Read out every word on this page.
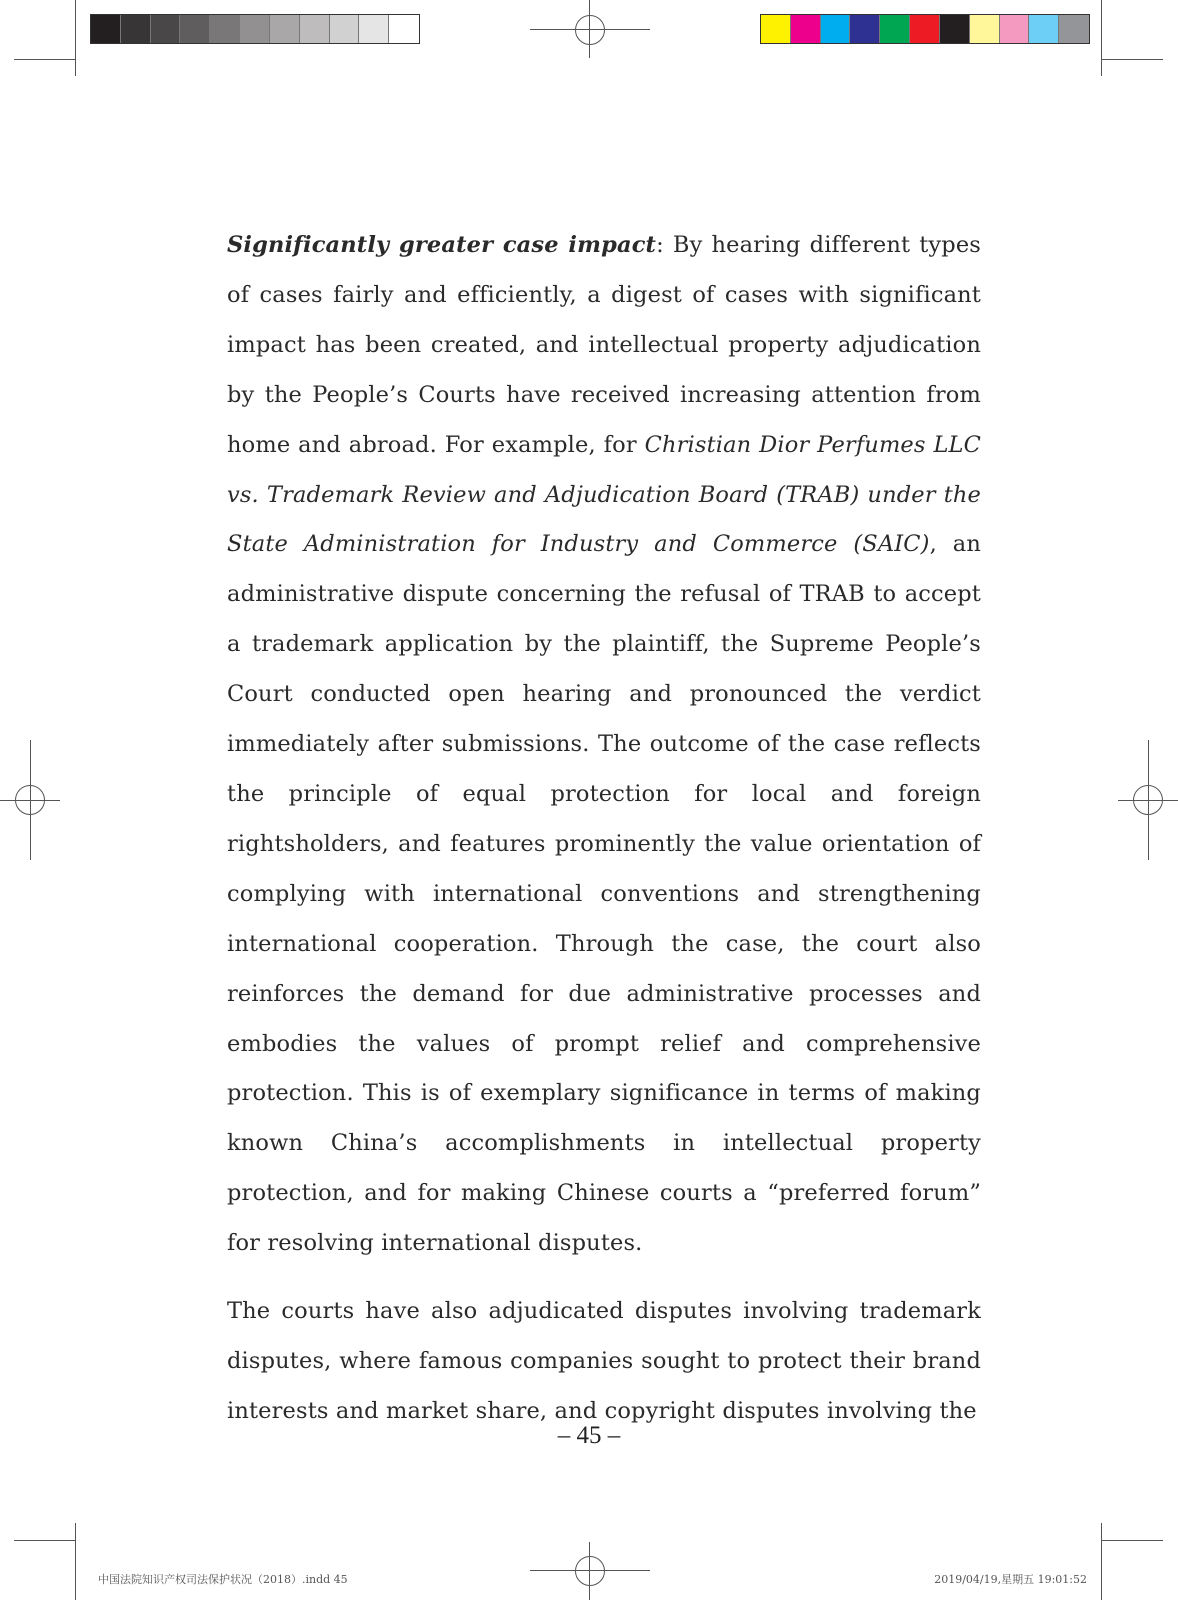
Significantly greater case impact: By hearing different types of cases fairly and efficiently, a digest of cases with significant impact has been created, and intellectual property adjudication by the People’s Courts have received increasing attention from home and abroad. For example, for Christian Dior Perfumes LLC vs. Trademark Review and Adjudication Board (TRAB) under the State Administration for Industry and Commerce (SAIC), an administrative dispute concerning the refusal of TRAB to accept a trademark application by the plaintiff, the Supreme People’s Court conducted open hearing and pronounced the verdict immediately after submissions. The outcome of the case reflects the principle of equal protection for local and foreign rightsholders, and features prominently the value orientation of complying with international conventions and strengthening international cooperation. Through the case, the court also reinforces the demand for due administrative processes and embodies the values of prompt relief and comprehensive protection. This is of exemplary significance in terms of making known China’s accomplishments in intellectual property protection, and for making Chinese courts a “preferred forum” for resolving international disputes.

The courts have also adjudicated disputes involving trademark disputes, where famous companies sought to protect their brand interests and market share, and copyright disputes involving the

– 45 –
中国法院知识产权司法保护状况（2018）.indd 45	2019/04/19,星期五 19:01:52
